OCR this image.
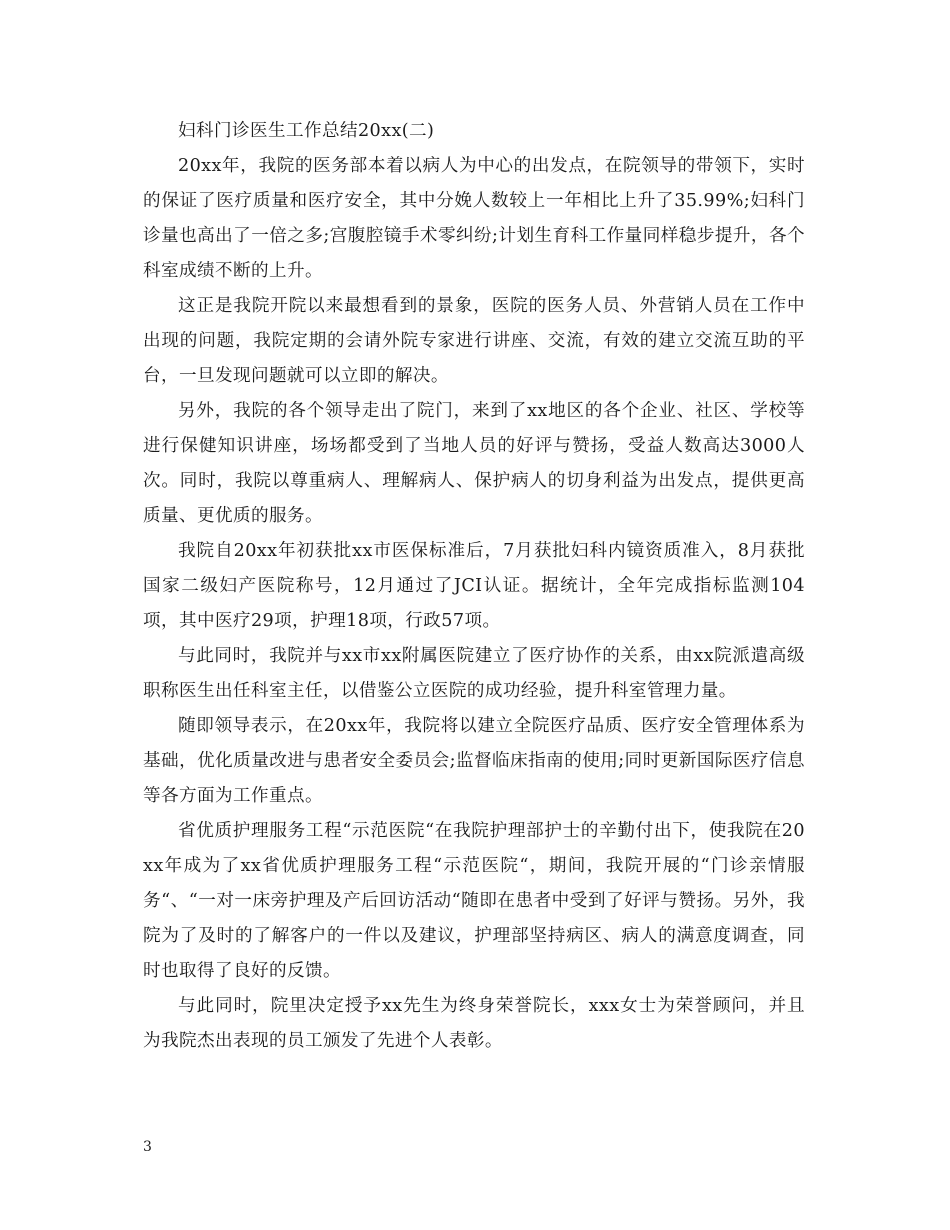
妇科门诊医生工作总结20xx(二)

20xx年，我院的医务部本着以病人为中心的出发点，在院领导的带领下，实时的保证了医疗质量和医疗安全，其中分娩人数较上一年相比上升了35.99%;妇科门诊量也高出了一倍之多;宫腹腔镜手术零纠纷;计划生育科工作量同样稳步提升，各个科室成绩不断的上升。

这正是我院开院以来最想看到的景象，医院的医务人员、外营销人员在工作中出现的问题，我院定期的会请外院专家进行讲座、交流，有效的建立交流互助的平台，一旦发现问题就可以立即的解决。

另外，我院的各个领导走出了院门，来到了xx地区的各个企业、社区、学校等进行保健知识讲座，场场都受到了当地人员的好评与赞扬，受益人数高达3000人次。同时，我院以尊重病人、理解病人、保护病人的切身利益为出发点，提供更高质量、更优质的服务。

我院自20xx年初获批xx市医保标准后，7月获批妇科内镜资质准入，8月获批国家二级妇产医院称号，12月通过了JCI认证。据统计，全年完成指标监测104项，其中医疗29项，护理18项，行政57项。

与此同时，我院并与xx市xx附属医院建立了医疗协作的关系，由xx院派遣高级职称医生出任科室主任，以借鉴公立医院的成功经验，提升科室管理力量。

随即领导表示，在20xx年，我院将以建立全院医疗品质、医疗安全管理体系为基础，优化质量改进与患者安全委员会;监督临床指南的使用;同时更新国际医疗信息等各方面为工作重点。

省优质护理服务工程“示范医院“在我院护理部护士的辛勤付出下，使我院在20xx年成为了xx省优质护理服务工程“示范医院“，期间，我院开展的“门诊亲情服务“、“一对一床旁护理及产后回访活动“随即在患者中受到了好评与赞扬。另外，我院为了及时的了解客户的一件以及建议，护理部坚持病区、病人的满意度调查，同时也取得了良好的反馈。

与此同时，院里决定授予xx先生为终身荣誉院长，xxx女士为荣誉顾问，并且为我院杰出表现的员工颁发了先进个人表彰。

3
